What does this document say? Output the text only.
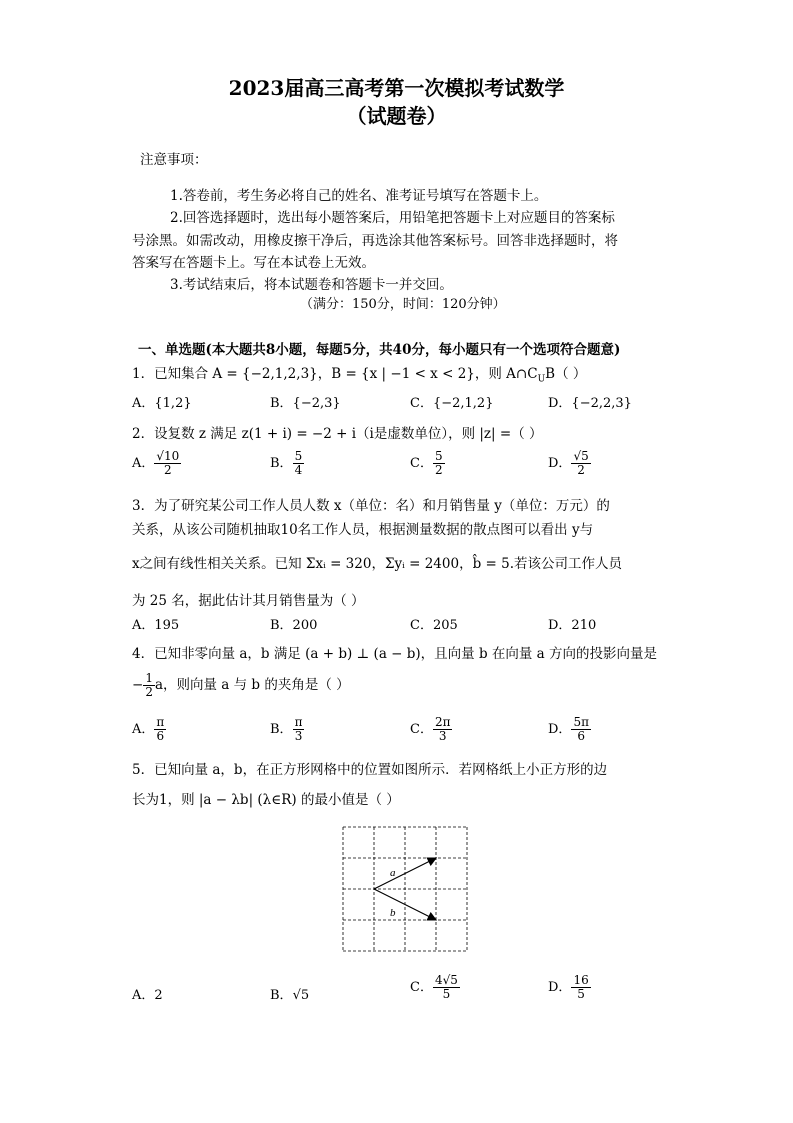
2023届高三高考第一次模拟考试数学
（试题卷）
注意事项：
1.答卷前，考生务必将自己的姓名、准考证号填写在答题卡上。
2.回答选择题时，选出每小题答案后，用铅笔把答题卡上对应题目的答案标
号涂黑。如需改动，用橡皮擦干净后，再选涂其他答案标号。回答非选择题时，将
答案写在答题卡上。写在本试卷上无效。
3.考试结束后，将本试题卷和答题卡一并交回。
（满分：150分，时间：120分钟）
一、单选题(本大题共8小题，每题5分，共40分，每小题只有一个选项符合题意)
1．已知集合 A = {−2,1,2,3}，B = {x | −1 < x < 2}，则 $A\cap C_UB$（ ）
A．{1,2}	B．{−2,3}	C．{−2,1,2}	D．{−2,2,3}
2．设复数 z 满足 z(1 + i) = −2 + i（i是虚数单位），则 |z| =（ ）
A． $\frac{√10}{2}$	B． $\frac{5}{4}$	C． $\frac{5}{2}$	D． $\frac{√5}{2}$
3．为了研究某公司工作人员人数 x（单位：名）和月销售量 y（单位：万元）的
关系，从该公司随机抽取10名工作人员，根据测量数据的散点图可以看出 y与
x之间有线性相关关系。已知 Σxᵢ = 320，Σyᵢ = 2400，b̂ = 5.若该公司工作人员
为 25 名，据此估计其月销售量为（ ）
A．195	B．200	C．205	D．210
4．已知非零向量 a，b 满足 (a + b) ⊥ (a − b)，且向量 b 在向量 a 方向的投影向量是
− $\frac{1}{2}$ a，则向量 a 与 b 的夹角是（ ）
A． $\frac{\pi}{6}$	B． $\frac{\pi}{3}$	C． $\frac{2\pi}{3}$	D． $\frac{5\pi}{6}$
5．已知向量 a，b，在正方形网格中的位置如图所示．若网格纸上小正方形的边
长为1，则 |a − λb| (λ∈R) 的最小值是（ ）
a
b
A．2	B．√5
C． $\frac{4√5}{5}$	D． $\frac{16}{5}$
